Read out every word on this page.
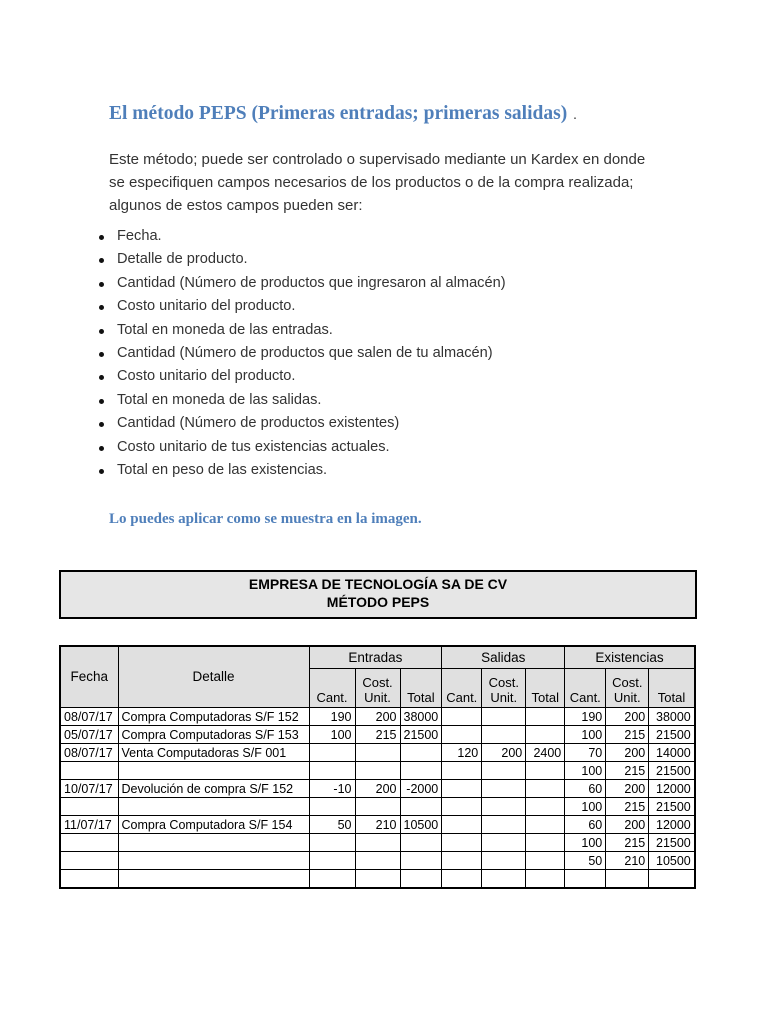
El método PEPS (Primeras entradas; primeras salidas) .

Este método; puede ser controlado o supervisado mediante un Kardex en donde se especifiquen campos necesarios de los productos o de la compra realizada; algunos de estos campos pueden ser:

Fecha.
Detalle de producto.
Cantidad (Número de productos que ingresaron al almacén)
Costo unitario del producto.
Total en moneda de las entradas.
Cantidad (Número de productos que salen de tu almacén)
Costo unitario del producto.
Total en moneda de las salidas.
Cantidad (Número de productos existentes)
Costo unitario de tus existencias actuales.
Total en peso de las existencias.
Lo puedes aplicar como se muestra en la imagen.
EMPRESA DE TECNOLOGÍA SA DE CV
MÉTODO PEPS
Fecha	Detalle	Entradas			Salidas			Existencias		
		Cant.	Cost. Unit.	Total	Cant.	Cost. Unit.	Total	Cant.	Cost. Unit.	Total
08/07/17	Compra Computadoras S/F 152	190	200	38000				190	200	38000
05/07/17	Compra Computadoras S/F 153	100	215	21500				100	215	21500
08/07/17	Venta Computadoras S/F 001				120	200	2400	70	200	14000
								100	215	21500
10/07/17	Devolución de compra S/F 152	-10	200	-2000				60	200	12000
								100	215	21500
11/07/17	Compra Computadora S/F 154	50	210	10500				60	200	12000
								100	215	21500
								50	210	10500
